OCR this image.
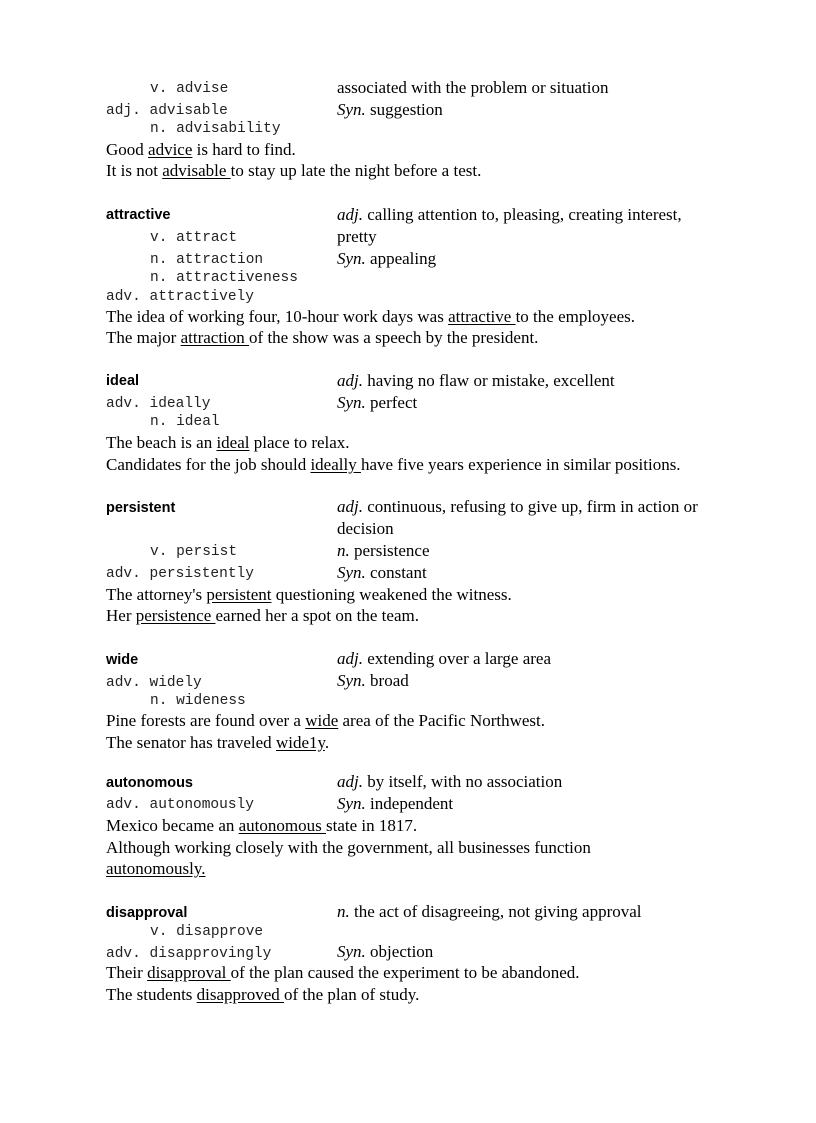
v. advise
adj. advisable
n. advisability
associated with the problem or situation
Syn. suggestion
Good advice is hard to find.
It is not advisable to stay up late the night before a test.
attractive
v. attract
n. attraction
n. attractiveness
adv. attractively
adj. calling attention to, pleasing, creating interest,
pretty
Syn. appealing
The idea of working four, 10-hour work days was attractive to the employees.
The major attraction of the show was a speech by the president.
ideal
adv. ideally
n. ideal
adj. having no flaw or mistake, excellent
Syn. perfect
The beach is an ideal place to relax.
Candidates for the job should ideally have five years experience in similar positions.
persistent
v. persist
adv. persistently
adj. continuous, refusing to give up, firm in action or
decision
n. persistence
Syn. constant
The attorney's persistent questioning weakened the witness.
Her persistence earned her a spot on the team.
wide
adv. widely
n. wideness
adj. extending over a large area
Syn. broad
Pine forests are found over a wide area of the Pacific Northwest.
The senator has traveled wide1y.
autonomous
adv. autonomously
adj. by itself, with no association
Syn. independent
Mexico became an autonomous state in 1817.
Although working closely with the government, all businesses function
autonomously.
disapproval
v. disapprove
adv. disapprovingly
n. the act of disagreeing, not giving approval
Syn. objection
Their disapproval of the plan caused the experiment to be abandoned.
The students disapproved of the plan of study.
